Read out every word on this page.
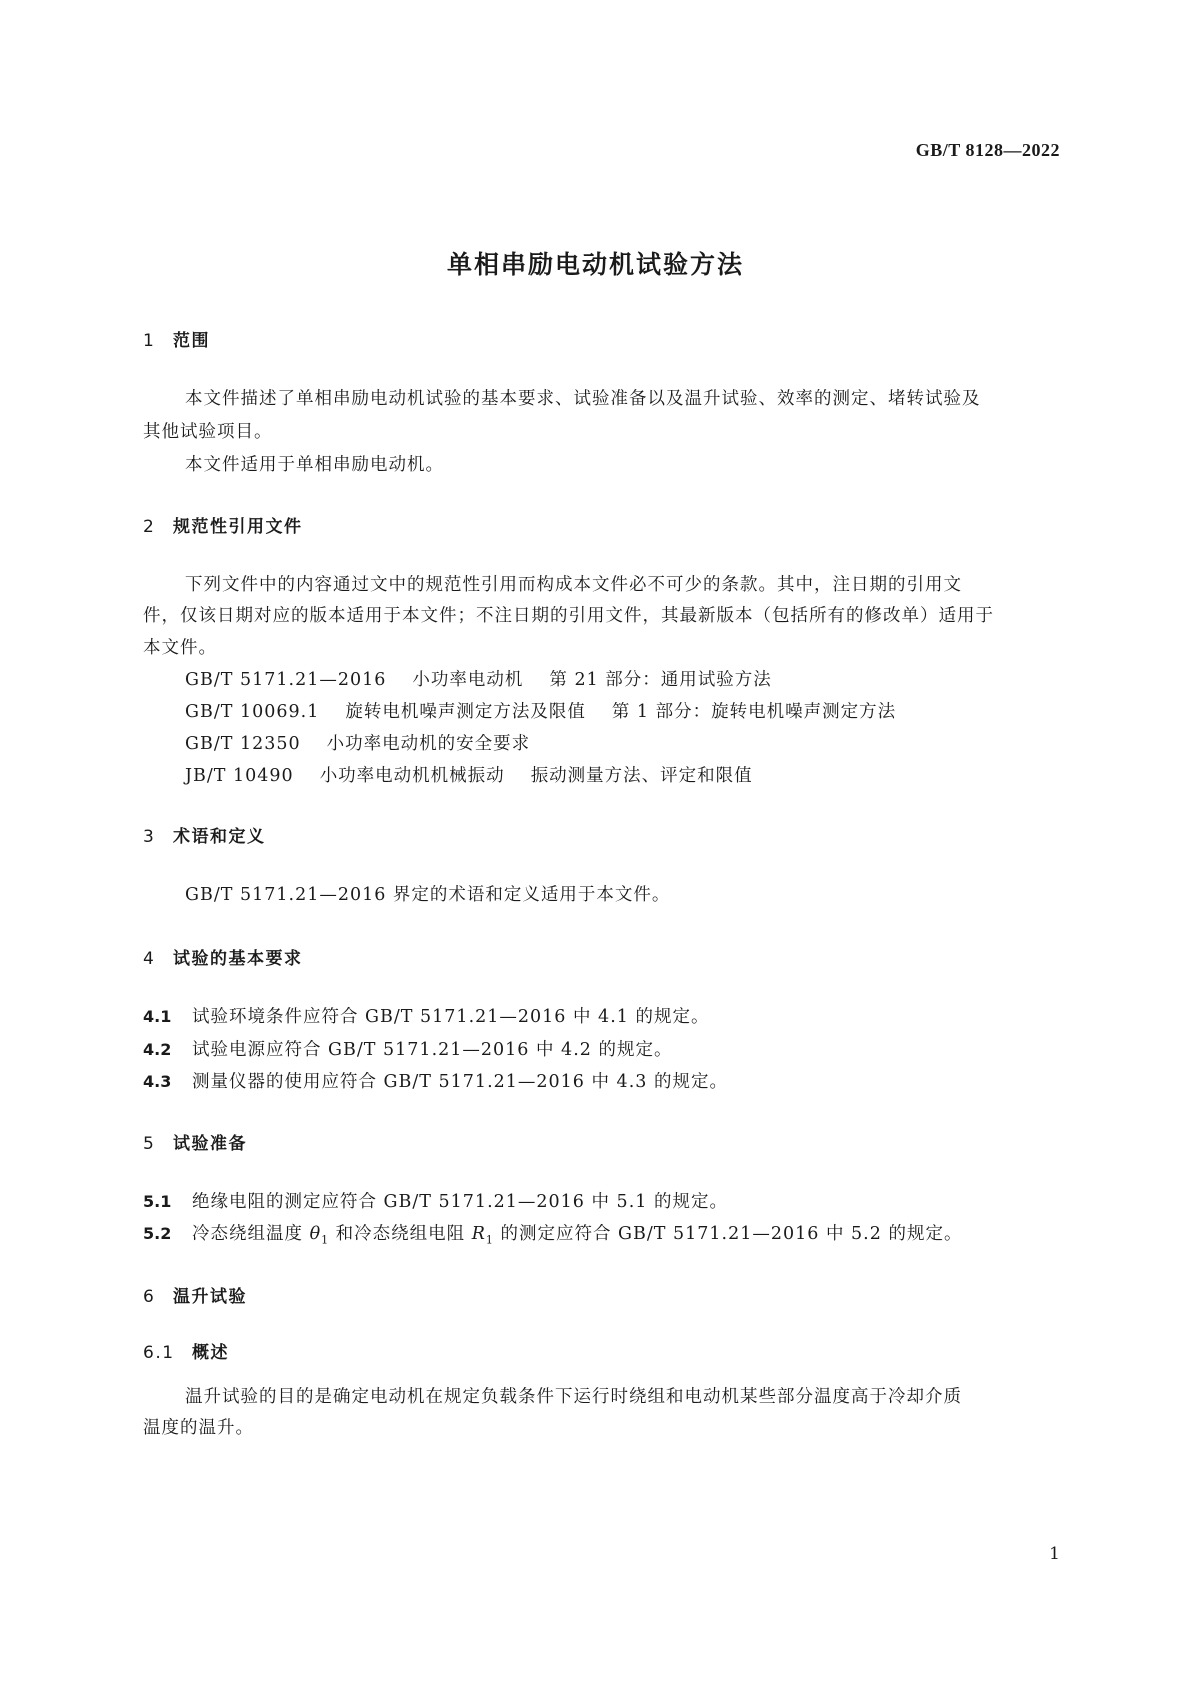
GB/T 8128—2022
单相串励电动机试验方法
1 范围
本文件描述了单相串励电动机试验的基本要求、试验准备以及温升试验、效率的测定、堵转试验及
其他试验项目。
本文件适用于单相串励电动机。
2 规范性引用文件
下列文件中的内容通过文中的规范性引用而构成本文件必不可少的条款。其中，注日期的引用文
件，仅该日期对应的版本适用于本文件；不注日期的引用文件，其最新版本（包括所有的修改单）适用于
本文件。
GB/T 5171.21—2016 小功率电动机 第 21 部分：通用试验方法
GB/T 10069.1 旋转电机噪声测定方法及限值 第 1 部分：旋转电机噪声测定方法
GB/T 12350 小功率电动机的安全要求
JB/T 10490 小功率电动机机械振动 振动测量方法、评定和限值
3 术语和定义
GB/T 5171.21—2016 界定的术语和定义适用于本文件。
4 试验的基本要求
4.1 试验环境条件应符合 GB/T 5171.21—2016 中 4.1 的规定。
4.2 试验电源应符合 GB/T 5171.21—2016 中 4.2 的规定。
4.3 测量仪器的使用应符合 GB/T 5171.21—2016 中 4.3 的规定。
5 试验准备
5.1 绝缘电阻的测定应符合 GB/T 5171.21—2016 中 5.1 的规定。
5.2 冷态绕组温度 $\theta_1$ 和冷态绕组电阻 $R_1$ 的测定应符合 GB/T 5171.21—2016 中 5.2 的规定。
6 温升试验
6.1 概述
温升试验的目的是确定电动机在规定负载条件下运行时绕组和电动机某些部分温度高于冷却介质
温度的温升。
1
